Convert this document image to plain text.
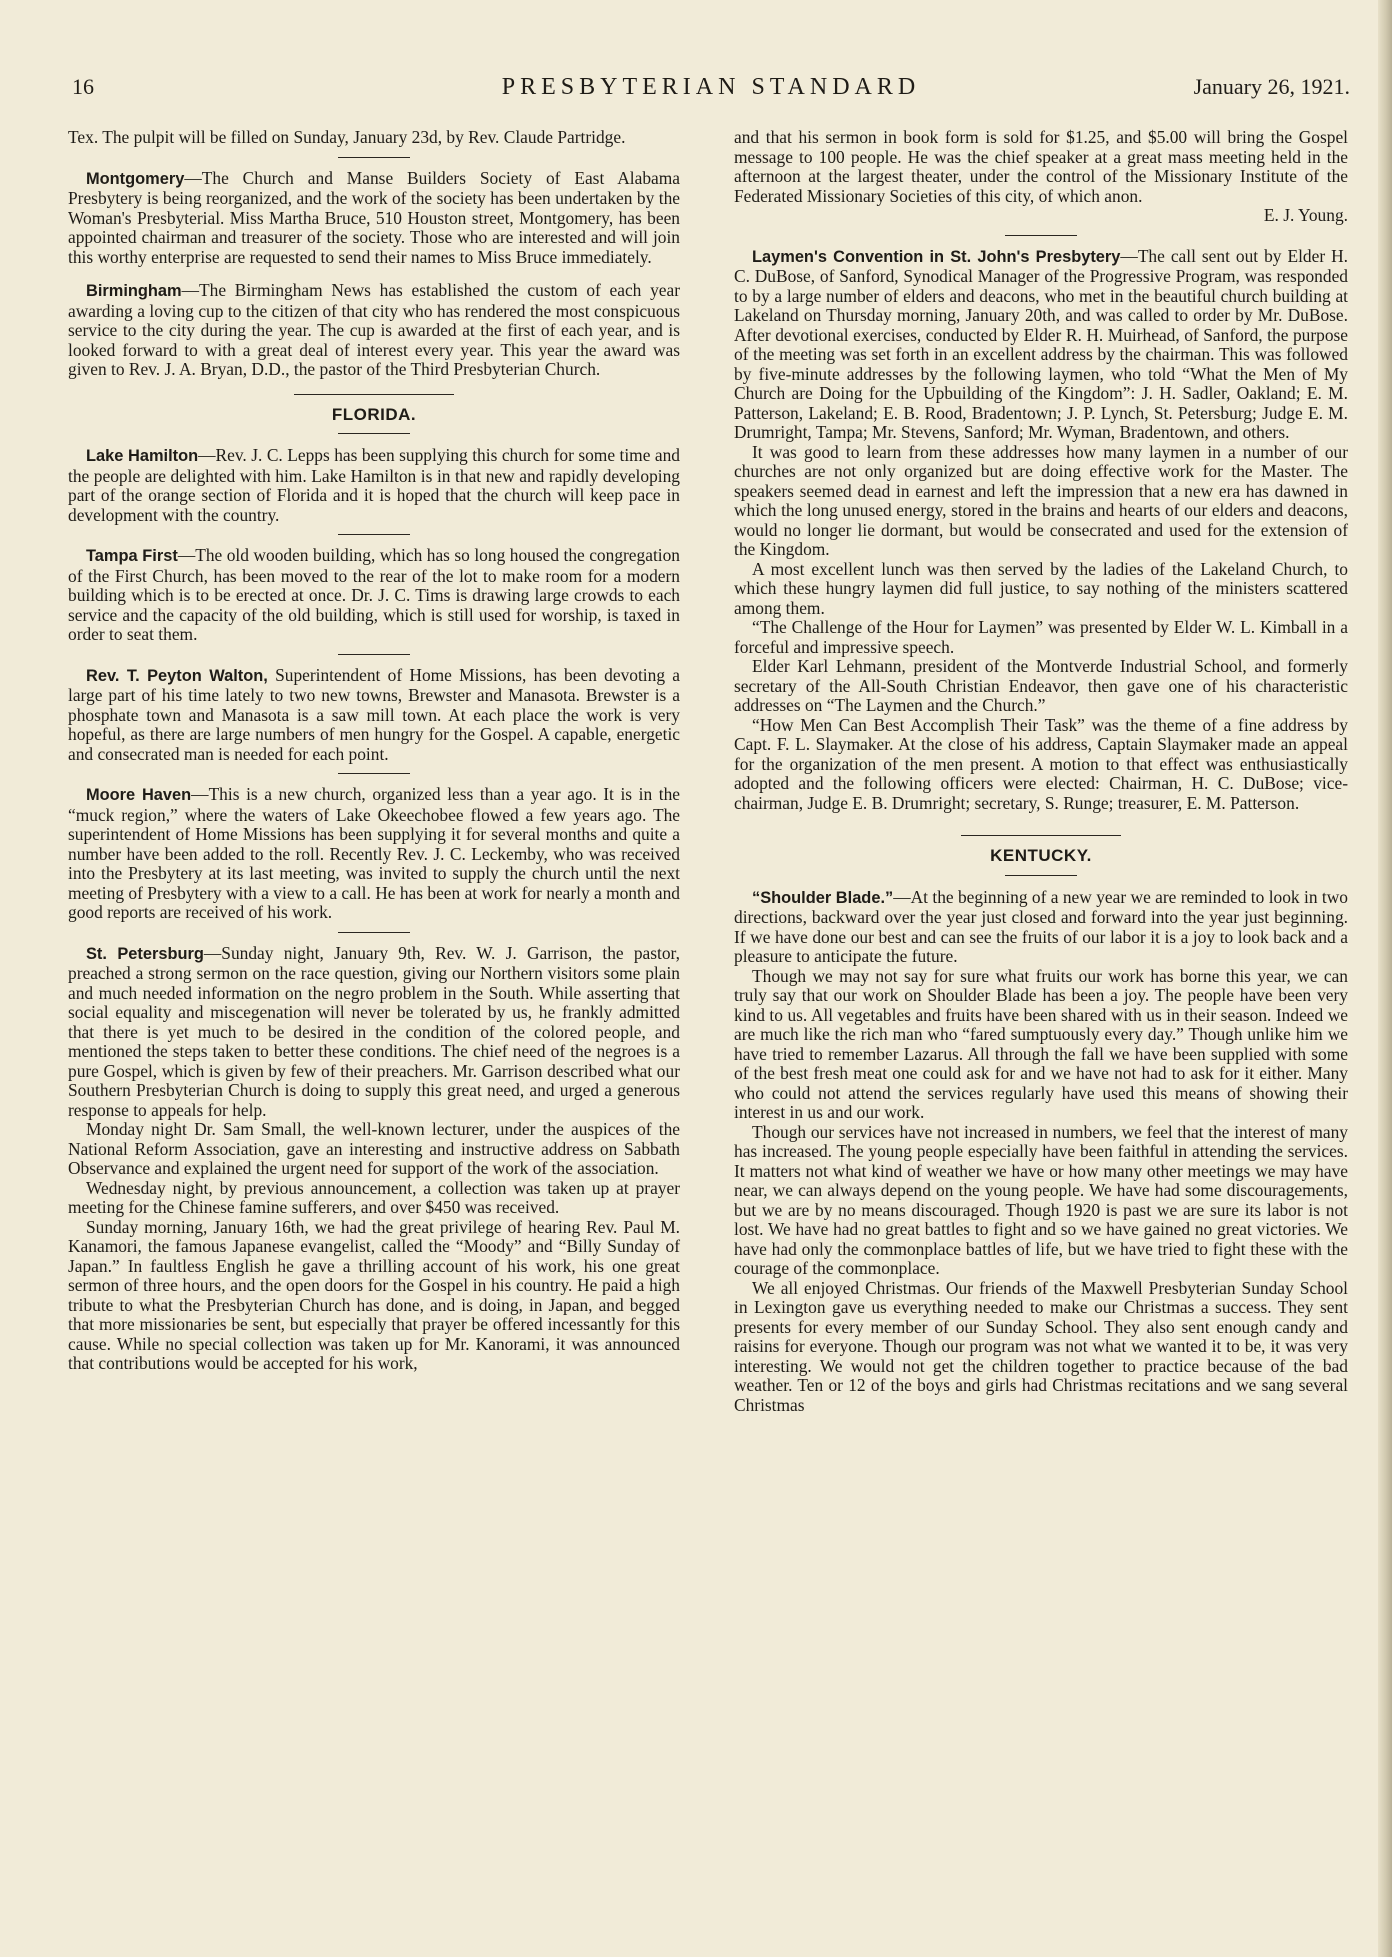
16	PRESBYTERIAN STANDARD	January 26, 1921.

Tex. The pulpit will be filled on Sunday, January 23d, by Rev. Claude Partridge.

Montgomery—The Church and Manse Builders Society of East Alabama Presbytery is being reorganized, and the work of the society has been undertaken by the Woman's Presbyterial. Miss Martha Bruce, 510 Houston street, Montgomery, has been appointed chairman and treasurer of the society. Those who are interested and will join this worthy enterprise are requested to send their names to Miss Bruce immediately.

Birmingham—The Birmingham News has established the custom of each year awarding a loving cup to the citizen of that city who has rendered the most conspicuous service to the city during the year. The cup is awarded at the first of each year, and is looked forward to with a great deal of interest every year. This year the award was given to Rev. J. A. Bryan, D.D., the pastor of the Third Presbyterian Church.

FLORIDA.

Lake Hamilton—Rev. J. C. Lepps has been supplying this church for some time and the people are delighted with him. Lake Hamilton is in that new and rapidly developing part of the orange section of Florida and it is hoped that the church will keep pace in development with the country.

Tampa First—The old wooden building, which has so long housed the congregation of the First Church, has been moved to the rear of the lot to make room for a modern building which is to be erected at once. Dr. J. C. Tims is drawing large crowds to each service and the capacity of the old building, which is still used for worship, is taxed in order to seat them.

Rev. T. Peyton Walton, Superintendent of Home Missions, has been devoting a large part of his time lately to two new towns, Brewster and Manasota. Brewster is a phosphate town and Manasota is a saw mill town. At each place the work is very hopeful, as there are large numbers of men hungry for the Gospel. A capable, energetic and consecrated man is needed for each point.

Moore Haven—This is a new church, organized less than a year ago. It is in the “muck region,” where the waters of Lake Okeechobee flowed a few years ago. The superintendent of Home Missions has been supplying it for several months and quite a number have been added to the roll. Recently Rev. J. C. Leckemby, who was received into the Presbytery at its last meeting, was invited to supply the church until the next meeting of Presbytery with a view to a call. He has been at work for nearly a month and good reports are received of his work.

St. Petersburg—Sunday night, January 9th, Rev. W. J. Garrison, the pastor, preached a strong sermon on the race question, giving our Northern visitors some plain and much needed information on the negro problem in the South. While asserting that social equality and miscegenation will never be tolerated by us, he frankly admitted that there is yet much to be desired in the condition of the colored people, and mentioned the steps taken to better these conditions. The chief need of the negroes is a pure Gospel, which is given by few of their preachers. Mr. Garrison described what our Southern Presbyterian Church is doing to supply this great need, and urged a generous response to appeals for help.

Monday night Dr. Sam Small, the well-known lecturer, under the auspices of the National Reform Association, gave an interesting and instructive address on Sabbath Observance and explained the urgent need for support of the work of the association.

Wednesday night, by previous announcement, a collection was taken up at prayer meeting for the Chinese famine sufferers, and over $450 was received.

Sunday morning, January 16th, we had the great privilege of hearing Rev. Paul M. Kanamori, the famous Japanese evangelist, called the “Moody” and “Billy Sunday of Japan.” In faultless English he gave a thrilling account of his work, his one great sermon of three hours, and the open doors for the Gospel in his country. He paid a high tribute to what the Presbyterian Church has done, and is doing, in Japan, and begged that more missionaries be sent, but especially that prayer be offered incessantly for this cause. While no special collection was taken up for Mr. Kanorami, it was announced that contributions would be accepted for his work,

and that his sermon in book form is sold for $1.25, and $5.00 will bring the Gospel message to 100 people. He was the chief speaker at a great mass meeting held in the afternoon at the largest theater, under the control of the Missionary Institute of the Federated Missionary Societies of this city, of which anon.

E. J. Young.

Laymen's Convention in St. John's Presbytery—The call sent out by Elder H. C. DuBose, of Sanford, Synodical Manager of the Progressive Program, was responded to by a large number of elders and deacons, who met in the beautiful church building at Lakeland on Thursday morning, January 20th, and was called to order by Mr. DuBose. After devotional exercises, conducted by Elder R. H. Muirhead, of Sanford, the purpose of the meeting was set forth in an excellent address by the chairman. This was followed by five-minute addresses by the following laymen, who told “What the Men of My Church are Doing for the Upbuilding of the Kingdom”: J. H. Sadler, Oakland; E. M. Patterson, Lakeland; E. B. Rood, Bradentown; J. P. Lynch, St. Petersburg; Judge E. M. Drumright, Tampa; Mr. Stevens, Sanford; Mr. Wyman, Bradentown, and others.

It was good to learn from these addresses how many laymen in a number of our churches are not only organized but are doing effective work for the Master. The speakers seemed dead in earnest and left the impression that a new era has dawned in which the long unused energy, stored in the brains and hearts of our elders and deacons, would no longer lie dormant, but would be consecrated and used for the extension of the Kingdom.

A most excellent lunch was then served by the ladies of the Lakeland Church, to which these hungry laymen did full justice, to say nothing of the ministers scattered among them.

“The Challenge of the Hour for Laymen” was presented by Elder W. L. Kimball in a forceful and impressive speech.

Elder Karl Lehmann, president of the Montverde Industrial School, and formerly secretary of the All-South Christian Endeavor, then gave one of his characteristic addresses on “The Laymen and the Church.”

“How Men Can Best Accomplish Their Task” was the theme of a fine address by Capt. F. L. Slaymaker. At the close of his address, Captain Slaymaker made an appeal for the organization of the men present. A motion to that effect was enthusiastically adopted and the following officers were elected: Chairman, H. C. DuBose; vice-chairman, Judge E. B. Drumright; secretary, S. Runge; treasurer, E. M. Patterson.

KENTUCKY.

“Shoulder Blade.”—At the beginning of a new year we are reminded to look in two directions, backward over the year just closed and forward into the year just beginning. If we have done our best and can see the fruits of our labor it is a joy to look back and a pleasure to anticipate the future.

Though we may not say for sure what fruits our work has borne this year, we can truly say that our work on Shoulder Blade has been a joy. The people have been very kind to us. All vegetables and fruits have been shared with us in their season. Indeed we are much like the rich man who “fared sumptuously every day.” Though unlike him we have tried to remember Lazarus. All through the fall we have been supplied with some of the best fresh meat one could ask for and we have not had to ask for it either. Many who could not attend the services regularly have used this means of showing their interest in us and our work.

Though our services have not increased in numbers, we feel that the interest of many has increased. The young people especially have been faithful in attending the services. It matters not what kind of weather we have or how many other meetings we may have near, we can always depend on the young people. We have had some discouragements, but we are by no means discouraged. Though 1920 is past we are sure its labor is not lost. We have had no great battles to fight and so we have gained no great victories. We have had only the commonplace battles of life, but we have tried to fight these with the courage of the commonplace.

We all enjoyed Christmas. Our friends of the Maxwell Presbyterian Sunday School in Lexington gave us everything needed to make our Christmas a success. They sent presents for every member of our Sunday School. They also sent enough candy and raisins for everyone. Though our program was not what we wanted it to be, it was very interesting. We would not get the children together to practice because of the bad weather. Ten or 12 of the boys and girls had Christmas recitations and we sang several Christmas
